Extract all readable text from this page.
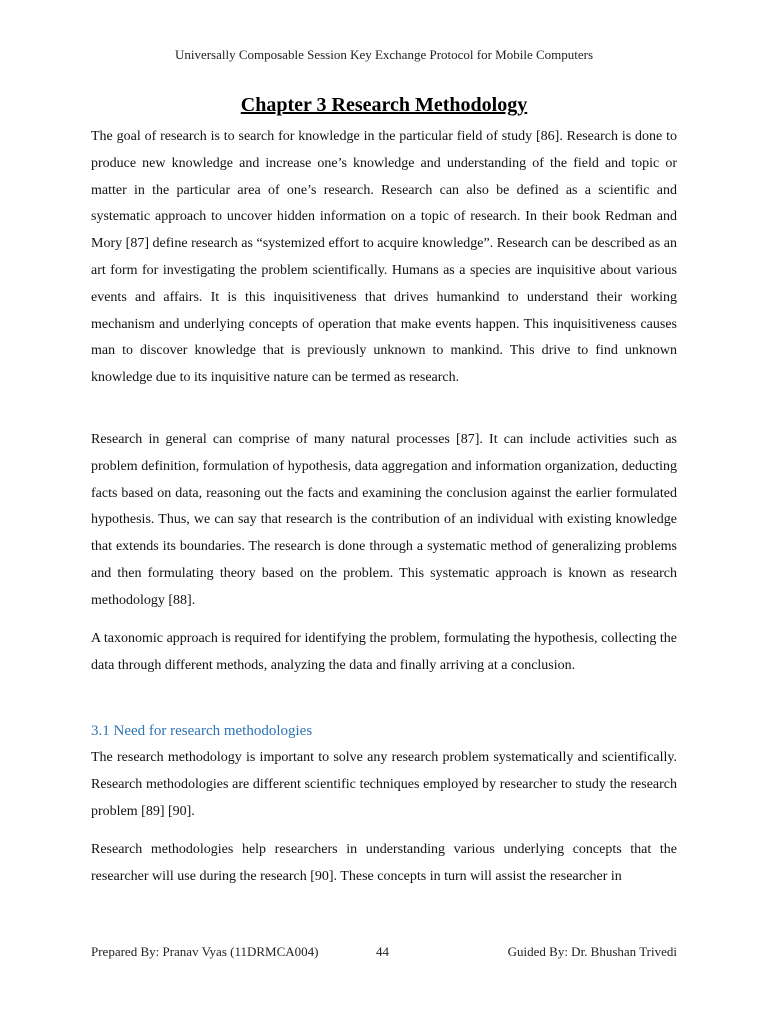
Universally Composable Session Key Exchange Protocol for Mobile Computers
Chapter 3 Research Methodology

The goal of research is to search for knowledge in the particular field of study [86]. Research is done to produce new knowledge and increase one’s knowledge and understanding of the field and topic or matter in the particular area of one’s research. Research can also be defined as a scientific and systematic approach to uncover hidden information on a topic of research. In their book Redman and Mory [87] define research as “systemized effort to acquire knowledge”. Research can be described as an art form for investigating the problem scientifically. Humans as a species are inquisitive about various events and affairs. It is this inquisitiveness that drives humankind to understand their working mechanism and underlying concepts of operation that make events happen. This inquisitiveness causes man to discover knowledge that is previously unknown to mankind. This drive to find unknown knowledge due to its inquisitive nature can be termed as research.

Research in general can comprise of many natural processes [87]. It can include activities such as problem definition, formulation of hypothesis, data aggregation and information organization, deducting facts based on data, reasoning out the facts and examining the conclusion against the earlier formulated hypothesis. Thus, we can say that research is the contribution of an individual with existing knowledge that extends its boundaries. The research is done through a systematic method of generalizing problems and then formulating theory based on the problem. This systematic approach is known as research methodology [88].

A taxonomic approach is required for identifying the problem, formulating the hypothesis, collecting the data through different methods, analyzing the data and finally arriving at a conclusion.

3.1 Need for research methodologies

The research methodology is important to solve any research problem systematically and scientifically. Research methodologies are different scientific techniques employed by researcher to study the research problem [89] [90].

Research methodologies help researchers in understanding various underlying concepts that the researcher will use during the research [90]. These concepts in turn will assist the researcher in

Prepared By: Pranav Vyas (11DRMCA004)	44	Guided By: Dr. Bhushan Trivedi
